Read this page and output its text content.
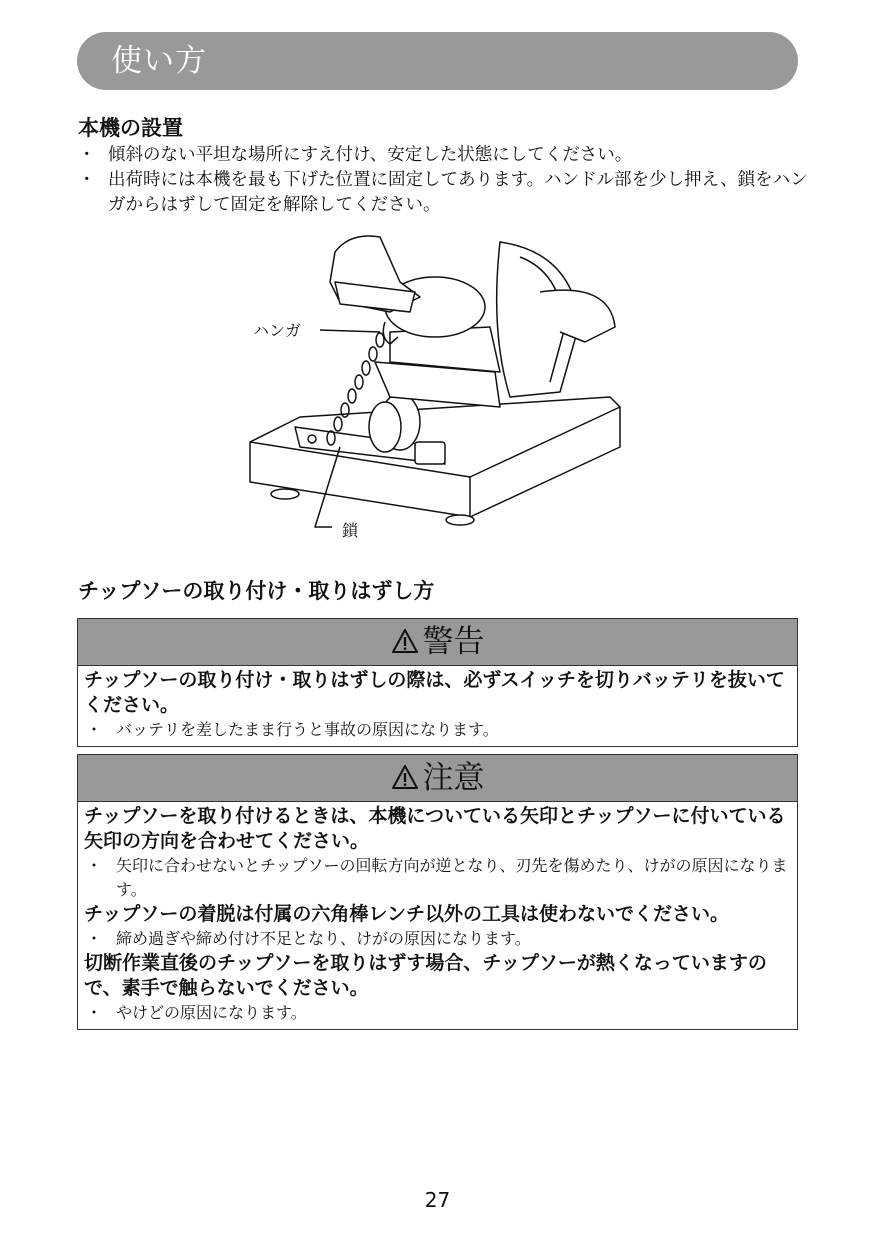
使い方
本機の設置
・ 傾斜のない平坦な場所にすえ付け、安定した状態にしてください。
・ 出荷時には本機を最も下げた位置に固定してあります。ハンドル部を少し押え、鎖をハンガからはずして固定を解除してください。
ハンガ
鎖
チップソーの取り付け・取りはずし方
警告
チップソーの取り付け・取りはずしの際は、必ずスイッチを切りバッテリを抜いてください。
・ バッテリを差したまま行うと事故の原因になります。
注意
チップソーを取り付けるときは、本機についている矢印とチップソーに付いている矢印の方向を合わせてください。
・ 矢印に合わせないとチップソーの回転方向が逆となり、刃先を傷めたり、けがの原因になります。
チップソーの着脱は付属の六角棒レンチ以外の工具は使わないでください。
・ 締め過ぎや締め付け不足となり、けがの原因になります。
切断作業直後のチップソーを取りはずす場合、チップソーが熱くなっていますので、素手で触らないでください。
・ やけどの原因になります。
27
